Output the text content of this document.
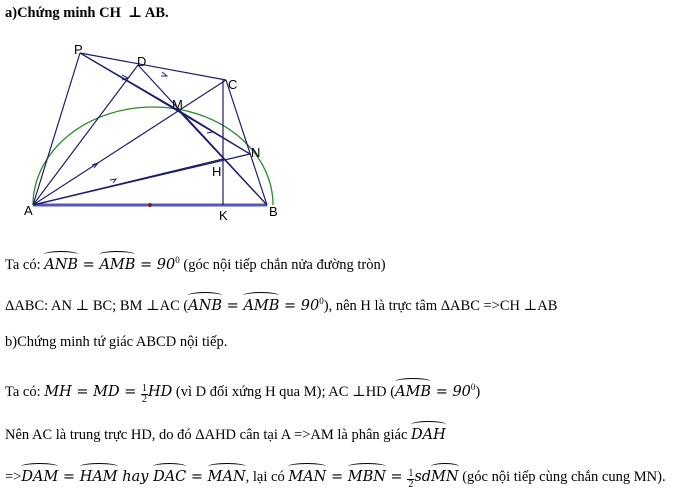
a)Chứng minh CH ⊥ AB.
P
D
C
M
N
H
A	K	B
Ta có: ANB = AMB = $90^0$ (góc nội tiếp chắn nửa đường tròn)
ΔABC: AN ⊥ BC; BM ⊥AC (ANB = AMB = $90^0$), nên H là trực tâm ΔABC =>CH ⊥AB
b)Chứng minh tứ giác ABCD nội tiếp.
Ta có: MH = MD = $\frac{1}{2}$ HD (vì D đối xứng H qua M); AC ⊥HD $(AMB = 90^0)$
Nên AC là trung trực HD, do đó ΔAHD cân tại A =>AM là phân giác DAH
=>DAM = HAM hay DAC = MAN, lại có MAN = MBN = $\frac{1}{2}$ sdMN (góc nội tiếp cùng chắn cung MN).
